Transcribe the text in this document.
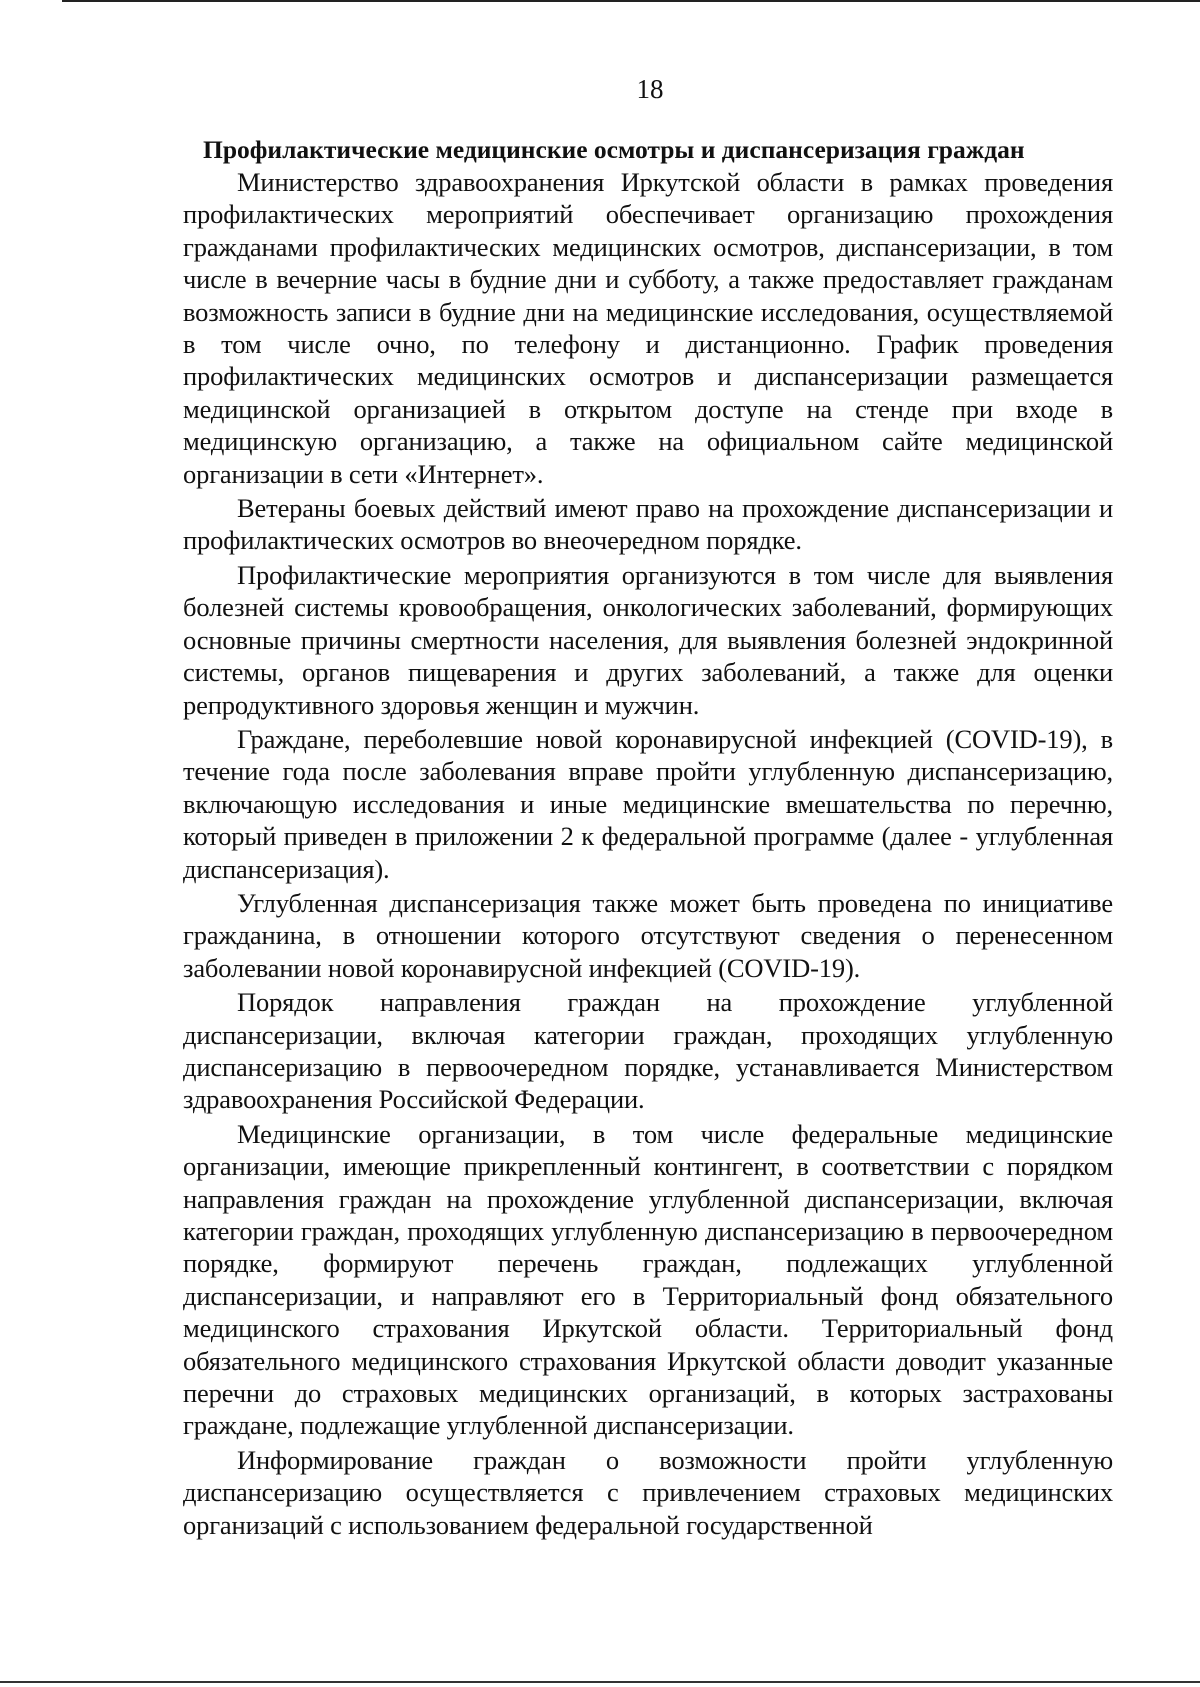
18

Профилактические медицинские осмотры и диспансеризация граждан

Министерство здравоохранения Иркутской области в рамках проведения профилактических мероприятий обеспечивает организацию прохождения гражданами профилактических медицинских осмотров, диспансеризации, в том числе в вечерние часы в будние дни и субботу, а также предоставляет гражданам возможность записи в будние дни на медицинские исследования, осуществляемой в том числе очно, по телефону и дистанционно. График проведения профилактических медицинских осмотров и диспансеризации размещается медицинской организацией в открытом доступе на стенде при входе в медицинскую организацию, а также на официальном сайте медицинской организации в сети «Интернет».

Ветераны боевых действий имеют право на прохождение диспансеризации и профилактических осмотров во внеочередном порядке.

Профилактические мероприятия организуются в том числе для выявления болезней системы кровообращения, онкологических заболеваний, формирующих основные причины смертности населения, для выявления болезней эндокринной системы, органов пищеварения и других заболеваний, а также для оценки репродуктивного здоровья женщин и мужчин.

Граждане, переболевшие новой коронавирусной инфекцией (COVID-19), в течение года после заболевания вправе пройти углубленную диспансеризацию, включающую исследования и иные медицинские вмешательства по перечню, который приведен в приложении 2 к федеральной программе (далее - углубленная диспансеризация).

Углубленная диспансеризация также может быть проведена по инициативе гражданина, в отношении которого отсутствуют сведения о перенесенном заболевании новой коронавирусной инфекцией (COVID-19).

Порядок направления граждан на прохождение углубленной диспансеризации, включая категории граждан, проходящих углубленную диспансеризацию в первоочередном порядке, устанавливается Министерством здравоохранения Российской Федерации.

Медицинские организации, в том числе федеральные медицинские организации, имеющие прикрепленный контингент, в соответствии с порядком направления граждан на прохождение углубленной диспансеризации, включая категории граждан, проходящих углубленную диспансеризацию в первоочередном порядке, формируют перечень граждан, подлежащих углубленной диспансеризации, и направляют его в Территориальный фонд обязательного медицинского страхования Иркутской области. Территориальный фонд обязательного медицинского страхования Иркутской области доводит указанные перечни до страховых медицинских организаций, в которых застрахованы граждане, подлежащие углубленной диспансеризации.

Информирование граждан о возможности пройти углубленную диспансеризацию осуществляется с привлечением страховых медицинских организаций с использованием федеральной государственной
